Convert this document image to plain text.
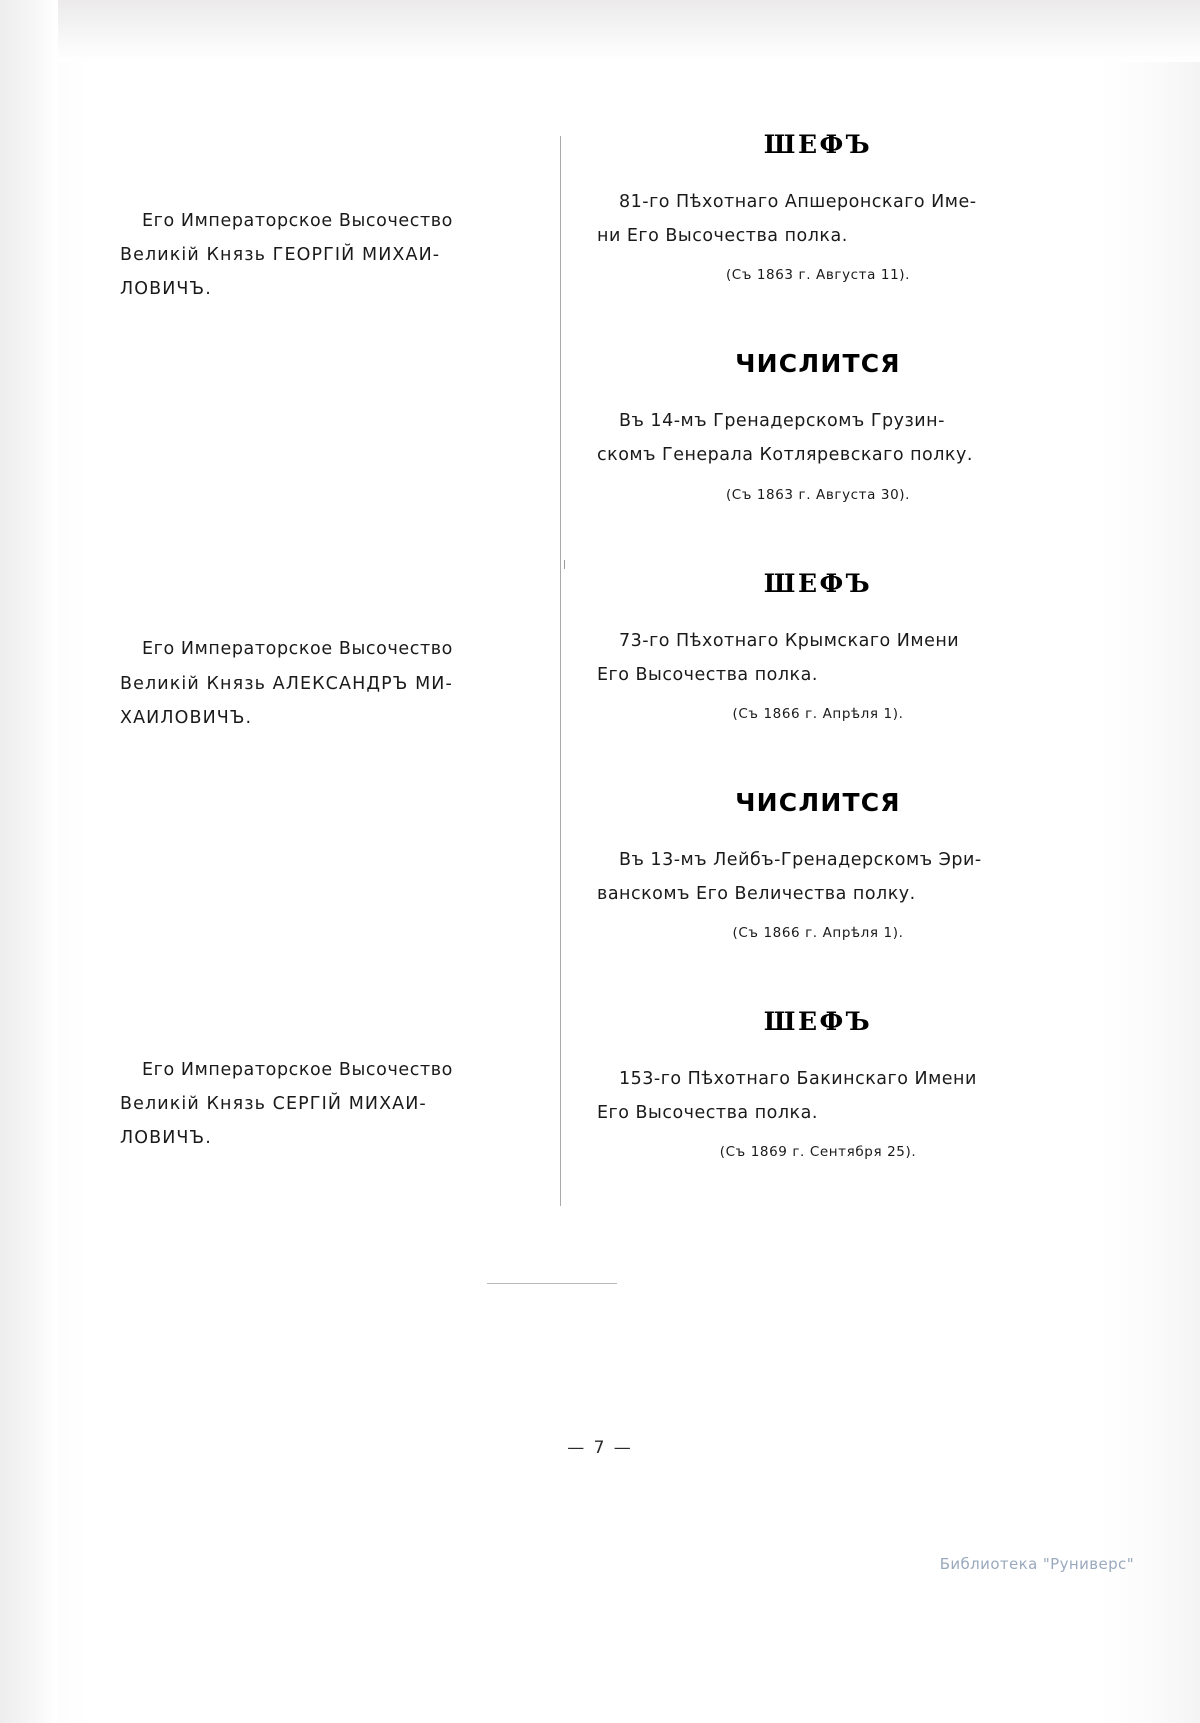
Его Императорское Высочество
Великiй Князь ГЕОРГIЙ МИХАИ-
ЛОВИЧЪ.
Его Императорское Высочество
Великiй Князь АЛЕКСАНДРЪ МИ-
ХАИЛОВИЧЪ.
Его Императорское Высочество
Великiй Князь СЕРГIЙ МИХАИ-
ЛОВИЧЪ.
ШЕФЪ

81-го Пѣхотнаго Апшеронскаго Име-
ни Его Высочества полка.

(Съ 1863 г. Августа 11).

ЧИСЛИТСЯ

Въ 14-мъ Гренадерскомъ Грузин-
скомъ Генерала Котляревскаго полку.

(Съ 1863 г. Августа 30).

ШЕФЪ

73-го Пѣхотнаго Крымскаго Имени
Его Высочества полка.

(Съ 1866 г. Апрѣля 1).

ЧИСЛИТСЯ

Въ 13-мъ Лейбъ-Гренадерскомъ Эри-
ванскомъ Его Величества полку.

(Съ 1866 г. Апрѣля 1).

ШЕФЪ

153-го Пѣхотнаго Бакинскаго Имени
Его Высочества полка.

(Съ 1869 г. Сентября 25).

— 7 —
Библиотека "Руниверс"
